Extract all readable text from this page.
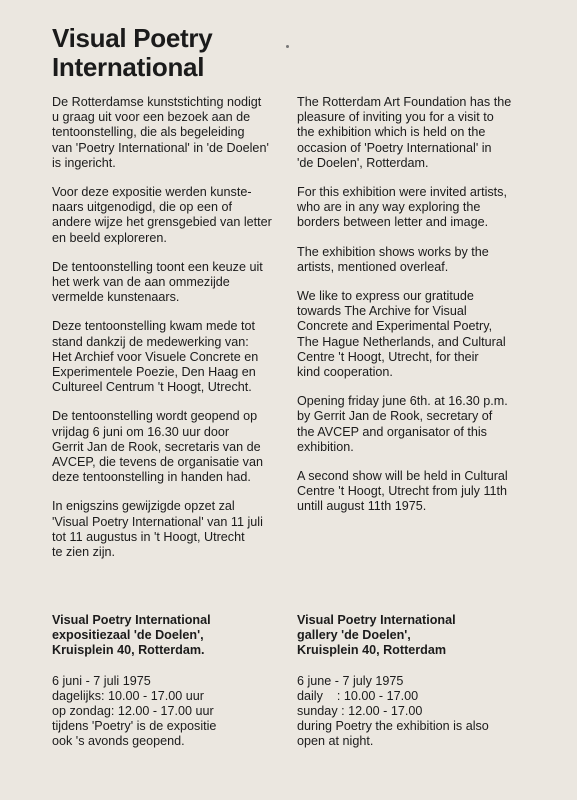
Visual Poetry
International

De Rotterdamse kunststichting nodigt
u graag uit voor een bezoek aan de
tentoonstelling, die als begeleiding
van 'Poetry International' in 'de Doelen'
is ingericht.

Voor deze expositie werden kunste-
naars uitgenodigd, die op een of
andere wijze het grensgebied van letter
en beeld exploreren.

De tentoonstelling toont een keuze uit
het werk van de aan ommezijde
vermelde kunstenaars.

Deze tentoonstelling kwam mede tot
stand dankzij de medewerking van:
Het Archief voor Visuele Concrete en
Experimentele Poezie, Den Haag en
Cultureel Centrum 't Hoogt, Utrecht.

De tentoonstelling wordt geopend op
vrijdag 6 juni om 16.30 uur door
Gerrit Jan de Rook, secretaris van de
AVCEP, die tevens de organisatie van
deze tentoonstelling in handen had.

In enigszins gewijzigde opzet zal
'Visual Poetry International' van 11 juli
tot 11 augustus in 't Hoogt, Utrecht
te zien zijn.

The Rotterdam Art Foundation has the
pleasure of inviting you for a visit to
the exhibition which is held on the
occasion of 'Poetry International' in
'de Doelen', Rotterdam.

For this exhibition were invited artists,
who are in any way exploring the
borders between letter and image.

The exhibition shows works by the
artists, mentioned overleaf.

We like to express our gratitude
towards The Archive for Visual
Concrete and Experimental Poetry,
The Hague Netherlands, and Cultural
Centre 't Hoogt, Utrecht, for their
kind cooperation.

Opening friday june 6th. at 16.30 p.m.
by Gerrit Jan de Rook, secretary of
the AVCEP and organisator of this
exhibition.

A second show will be held in Cultural
Centre 't Hoogt, Utrecht from july 11th
untill august 11th 1975.

Visual Poetry International
expositiezaal 'de Doelen',
Kruisplein 40, Rotterdam.
6 juni - 7 juli 1975
dagelijks: 10.00 - 17.00 uur
op zondag: 12.00 - 17.00 uur
tijdens 'Poetry' is de expositie
ook 's avonds geopend.
Visual Poetry International
gallery 'de Doelen',
Kruisplein 40, Rotterdam
6 june - 7 july 1975
daily    : 10.00 - 17.00
sunday : 12.00 - 17.00
during Poetry the exhibition is also
open at night.
